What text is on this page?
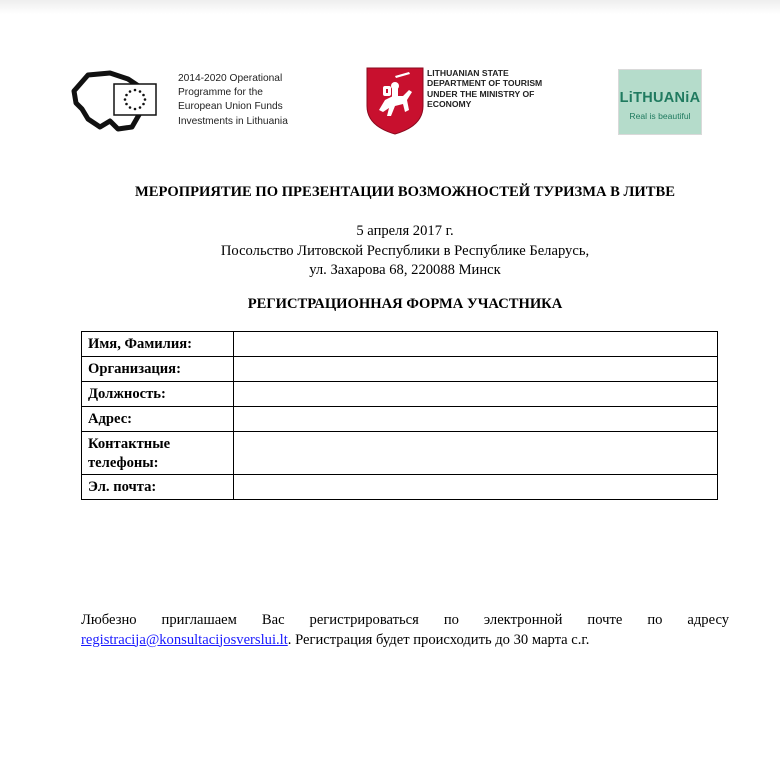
2014-2020 Operational
Programme for the
European Union Funds
Investments in Lithuania
LITHUANIAN STATE
DEPARTMENT OF TOURISM
UNDER THE MINISTRY OF
ECONOMY	LiTHUANiA
Real is beautiful
МЕРОПРИЯТИЕ ПО ПРЕЗЕНТАЦИИ ВОЗМОЖНОСТЕЙ ТУРИЗМА В ЛИТВЕ
5 апреля 2017 г.
Посольство Литовской Республики в Республике Беларусь,
ул. Захарова 68, 220088 Минск
РЕГИСТРАЦИОННАЯ ФОРМА УЧАСТНИКА
Имя, Фамилия:	
Организация:	
Должность:	
Адрес:	
Контактные телефоны:	
Эл. почта:	
Любезно приглашаем Вас регистрироваться по электронной почте по адресу
registracija@konsultacijosverslui.lt. Регистрация будет происходить до 30 марта с.г.
